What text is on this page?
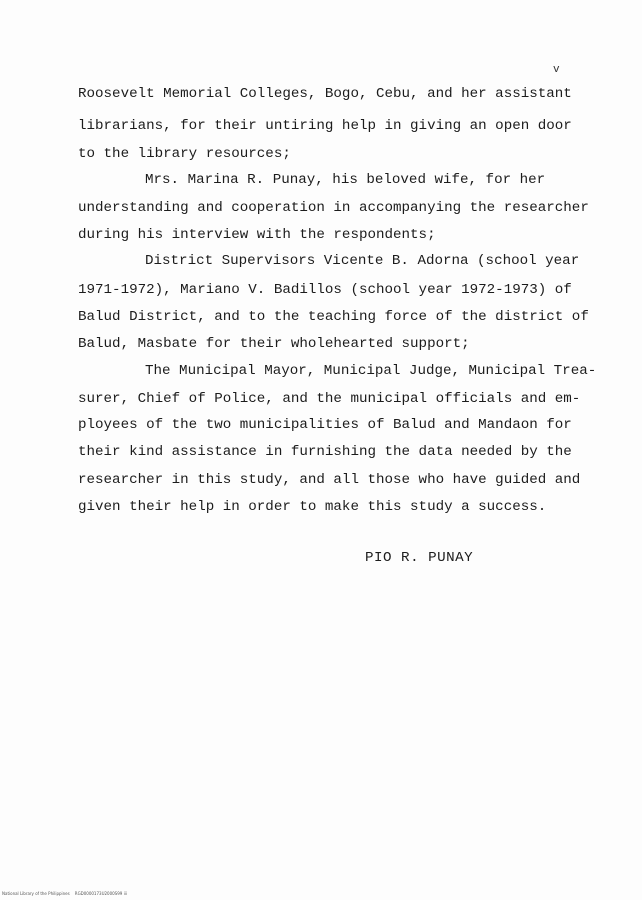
v
Roosevelt Memorial Colleges, Bogo, Cebu, and her assistant
librarians, for their untiring help in giving an open door
to the library resources;
Mrs. Marina R. Punay, his beloved wife, for her
understanding and cooperation in accompanying the researcher
during his interview with the respondents;
District Supervisors Vicente B. Adorna (school year
1971-1972), Mariano V. Badillos (school year 1972-1973) of
Balud District, and to the teaching force of the district of
Balud, Masbate for their wholehearted support;
The Municipal Mayor, Municipal Judge, Municipal Trea-
surer, Chief of Police, and the municipal officials and em-
ployees of the two municipalities of Balud and Mandaon for
their kind assistance in furnishing the data needed by the
researcher in this study, and all those who have guided and
given their help in order to make this study a success.
PIO R. PUNAY
National Library of the Philippines    RGD0000173U2000S99 iii
